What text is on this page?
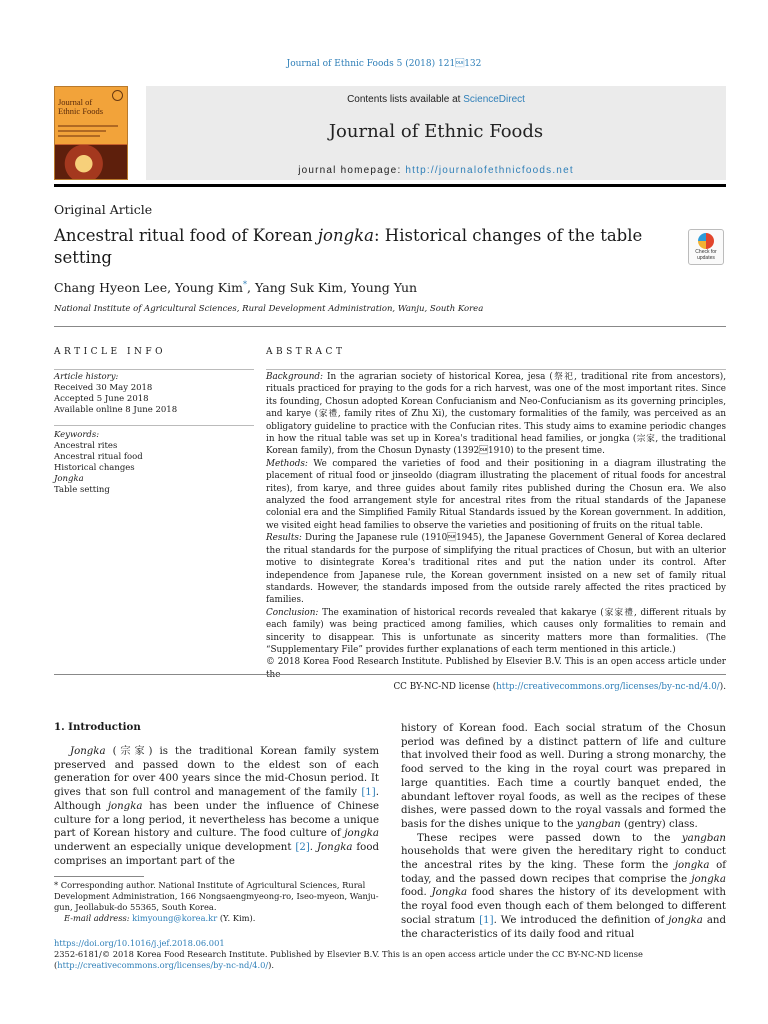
Journal of Ethnic Foods 5 (2018) 121132
Journal of Ethnic Foods
Contents lists available at ScienceDirect
Journal of Ethnic Foods
journal homepage: http://journalofethnicfoods.net
Original Article
Ancestral ritual food of Korean jongka: Historical changes of the table setting	Check for
updates
Chang Hyeon Lee, Young Kim*, Yang Suk Kim, Young Yun
National Institute of Agricultural Sciences, Rural Development Administration, Wanju, South Korea
ARTICLE INFO	ABSTRACT
Article history:
Received 30 May 2018
Accepted 5 June 2018
Available online 8 June 2018
Keywords:
Ancestral rites
Ancestral ritual food
Historical changes
Jongka
Table setting

Background: In the agrarian society of historical Korea, jesa (祭祀, traditional rite from ancestors), rituals practiced for praying to the gods for a rich harvest, was one of the most important rites. Since its founding, Chosun adopted Korean Confucianism and Neo-Confucianism as its governing principles, and karye (家禮, family rites of Zhu Xi), the customary formalities of the family, was perceived as an obligatory guideline to practice with the Confucian rites. This study aims to examine periodic changes in how the ritual table was set up in Korea's traditional head families, or jongka (宗家, the traditional Korean family), from the Chosun Dynasty (13921910) to the present time.

Methods: We compared the varieties of food and their positioning in a diagram illustrating the placement of ritual food or jinseoldo (diagram illustrating the placement of ritual foods for ancestral rites), from karye, and three guides about family rites published during the Chosun era. We also analyzed the food arrangement style for ancestral rites from the ritual standards of the Japanese colonial era and the Simplified Family Ritual Standards issued by the Korean government. In addition, we visited eight head families to observe the varieties and positioning of fruits on the ritual table.

Results: During the Japanese rule (19101945), the Japanese Government General of Korea declared the ritual standards for the purpose of simplifying the ritual practices of Chosun, but with an ulterior motive to disintegrate Korea's traditional rites and put the nation under its control. After independence from Japanese rule, the Korean government insisted on a new set of family ritual standards. However, the standards imposed from the outside rarely affected the rites practiced by families.

Conclusion: The examination of historical records revealed that kakarye (家家禮, different rituals by each family) was being practiced among families, which causes only formalities to remain and sincerity to disappear. This is unfortunate as sincerity matters more than formalities. (The “Supplementary File” provides further explanations of each term mentioned in this article.)

© 2018 Korea Food Research Institute. Published by Elsevier B.V. This is an open access article under

CC BY-NC-ND license (http://creativecommons.org/licenses/by-nc-nd/4.0/).

1. Introduction

Jongka (宗家) is the traditional Korean family system preserved and passed down to the eldest son of each generation for over 400 years since the mid-Chosun period. It gives that son full control and management of the family [1]. Although jongka has been under the influence of Chinese culture for a long period, it nevertheless has become a unique part of Korean history and culture. The food culture of jongka underwent an especially unique development [2]. Jongka food comprises an important part of the

history of Korean food. Each social stratum of the Chosun period was defined by a distinct pattern of life and culture that involved their food as well. During a strong monarchy, the food served to the king in the royal court was prepared in large quantities. Each time a courtly banquet ended, the abundant leftover royal foods, as well as the recipes of these dishes, were passed down to the royal vassals and formed the basis for the dishes unique to the yangban (gentry) class.

These recipes were passed down to the yangban households that were given the hereditary right to conduct the ancestral rites by the king. These form the jongka of today, and the passed down recipes that comprise the jongka food. Jongka food shares the history of its development with the royal food even though each of them belonged to different social stratum [1]. We introduced the definition of jongka and the characteristics of its daily food and ritual

* Corresponding author. National Institute of Agricultural Sciences, Rural Development Administration, 166 Nongsaengmyeong-ro, Iseo-myeon, Wanju-gun, Jeollabuk-do 55365, South Korea.

E-mail address: kimyoung@korea.kr (Y. Kim).

https://doi.org/10.1016/j.jef.2018.06.001

2352-6181/© 2018 Korea Food Research Institute. Published by Elsevier B.V. This is an open access article under the CC BY-NC-ND license (http://creativecommons.org/licenses/by-nc-nd/4.0/).
